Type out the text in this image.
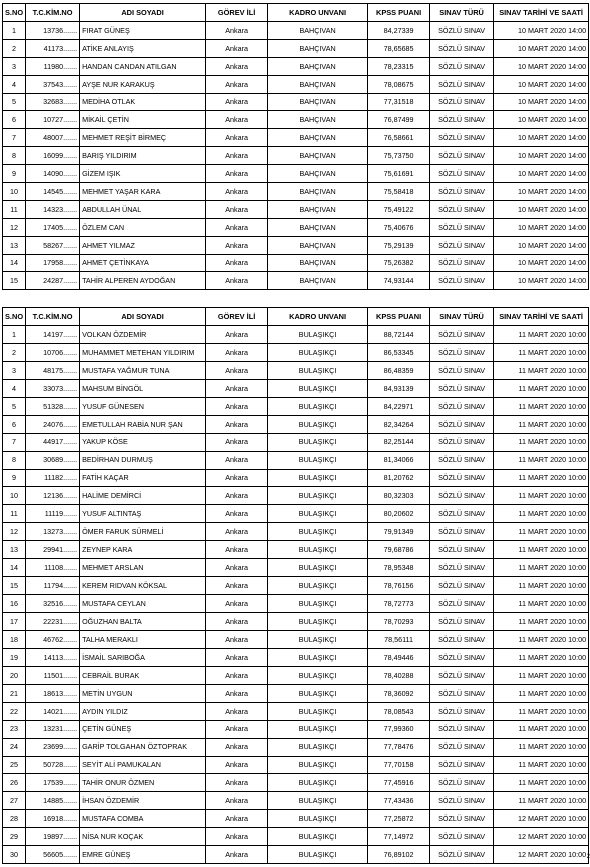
S.NO	T.C.KİM.NO	ADI SOYADI	GÖREV İLİ	KADRO UNVANI	KPSS PUANI	SINAV TÜRÜ	SINAV TARİHİ VE SAATİ
1	13736.......	FIRAT GÜNEŞ	Ankara	BAHÇIVAN	84,27339	SÖZLÜ SINAV	10 MART 2020 14:00
2	41173.......	ATİKE ANLAYIŞ	Ankara	BAHÇIVAN	78,65685	SÖZLÜ SINAV	10 MART 2020 14:00
3	11980.......	HANDAN CANDAN ATILGAN	Ankara	BAHÇIVAN	78,23315	SÖZLÜ SINAV	10 MART 2020 14:00
4	37543.......	AYŞE NUR KARAKUŞ	Ankara	BAHÇIVAN	78,08675	SÖZLÜ SINAV	10 MART 2020 14:00
5	32683.......	MEDİHA OTLAK	Ankara	BAHÇIVAN	77,31518	SÖZLÜ SINAV	10 MART 2020 14:00
6	10727.......	MİKAİL ÇETİN	Ankara	BAHÇIVAN	76,87499	SÖZLÜ SINAV	10 MART 2020 14:00
7	48007.......	MEHMET REŞİT BİRMEÇ	Ankara	BAHÇIVAN	76,58661	SÖZLÜ SINAV	10 MART 2020 14:00
8	16099.......	BARIŞ YILDIRIM	Ankara	BAHÇIVAN	75,73750	SÖZLÜ SINAV	10 MART 2020 14:00
9	14090.......	GİZEM IŞIK	Ankara	BAHÇIVAN	75,61691	SÖZLÜ SINAV	10 MART 2020 14:00
10	14545.......	MEHMET YAŞAR KARA	Ankara	BAHÇIVAN	75,58418	SÖZLÜ SINAV	10 MART 2020 14:00
11	14323.......	ABDULLAH ÜNAL	Ankara	BAHÇIVAN	75,49122	SÖZLÜ SINAV	10 MART 2020 14:00
12	17405.......	ÖZLEM CAN	Ankara	BAHÇIVAN	75,40676	SÖZLÜ SINAV	10 MART 2020 14:00
13	58267.......	AHMET YILMAZ	Ankara	BAHÇIVAN	75,29139	SÖZLÜ SINAV	10 MART 2020 14:00
14	17958.......	AHMET ÇETİNKAYA	Ankara	BAHÇIVAN	75,26382	SÖZLÜ SINAV	10 MART 2020 14:00
15	24287.......	TAHİR ALPEREN AYDOĞAN	Ankara	BAHÇIVAN	74,93144	SÖZLÜ SINAV	10 MART 2020 14:00
S.NO	T.C.KİM.NO	ADI SOYADI	GÖREV İLİ	KADRO UNVANI	KPSS PUANI	SINAV TÜRÜ	SINAV TARİHİ VE SAATİ
1	14197.......	VOLKAN ÖZDEMİR	Ankara	BULAŞIKÇI	88,72144	SÖZLÜ SINAV	11 MART 2020 10:00
2	10706.......	MUHAMMET METEHAN YILDIRIM	Ankara	BULAŞIKÇI	86,53345	SÖZLÜ SINAV	11 MART 2020 10:00
3	48175.......	MUSTAFA YAĞMUR TUNA	Ankara	BULAŞIKÇI	86,48359	SÖZLÜ SINAV	11 MART 2020 10:00
4	33073.......	MAHSUM BİNGÖL	Ankara	BULAŞIKÇI	84,93139	SÖZLÜ SINAV	11 MART 2020 10:00
5	51328.......	YUSUF GÜNESEN	Ankara	BULAŞIKÇI	84,22971	SÖZLÜ SINAV	11 MART 2020 10:00
6	24076.......	EMETULLAH RABİA NUR ŞAN	Ankara	BULAŞIKÇI	82,34264	SÖZLÜ SINAV	11 MART 2020 10:00
7	44917.......	YAKUP KÖSE	Ankara	BULAŞIKÇI	82,25144	SÖZLÜ SINAV	11 MART 2020 10:00
8	30689.......	BEDİRHAN DURMUŞ	Ankara	BULAŞIKÇI	81,34066	SÖZLÜ SINAV	11 MART 2020 10:00
9	11182.......	FATİH KAÇAR	Ankara	BULAŞIKÇI	81,20762	SÖZLÜ SINAV	11 MART 2020 10:00
10	12136.......	HALİME DEMİRCİ	Ankara	BULAŞIKÇI	80,32303	SÖZLÜ SINAV	11 MART 2020 10:00
11	11119.......	YUSUF ALTINTAŞ	Ankara	BULAŞIKÇI	80,20602	SÖZLÜ SINAV	11 MART 2020 10:00
12	13273.......	ÖMER FARUK SÜRMELİ	Ankara	BULAŞIKÇI	79,91349	SÖZLÜ SINAV	11 MART 2020 10:00
13	29941.......	ZEYNEP KARA	Ankara	BULAŞIKÇI	79,68786	SÖZLÜ SINAV	11 MART 2020 10:00
14	11108.......	MEHMET ARSLAN	Ankara	BULAŞIKÇI	78,95348	SÖZLÜ SINAV	11 MART 2020 10:00
15	11794.......	KEREM RIDVAN KÖKSAL	Ankara	BULAŞIKÇI	78,76156	SÖZLÜ SINAV	11 MART 2020 10:00
16	32516.......	MUSTAFA CEYLAN	Ankara	BULAŞIKÇI	78,72773	SÖZLÜ SINAV	11 MART 2020 10:00
17	22231.......	OĞUZHAN BALTA	Ankara	BULAŞIKÇI	78,70293	SÖZLÜ SINAV	11 MART 2020 10:00
18	46762.......	TALHA MERAKLI	Ankara	BULAŞIKÇI	78,56111	SÖZLÜ SINAV	11 MART 2020 10:00
19	14113.......	İSMAİL SARIBOĞA	Ankara	BULAŞIKÇI	78,49446	SÖZLÜ SINAV	11 MART 2020 10:00
20	11501.......	CEBRAİL BURAK	Ankara	BULAŞIKÇI	78,40288	SÖZLÜ SINAV	11 MART 2020 10:00
21	18613.......	METİN UYGUN	Ankara	BULAŞIKÇI	78,36092	SÖZLÜ SINAV	11 MART 2020 10:00
22	14021.......	AYDIN YILDIZ	Ankara	BULAŞIKÇI	78,08543	SÖZLÜ SINAV	11 MART 2020 10:00
23	13231.......	ÇETİN GÜNEŞ	Ankara	BULAŞIKÇI	77,99360	SÖZLÜ SINAV	11 MART 2020 10:00
24	23699.......	GARİP TOLGAHAN ÖZTOPRAK	Ankara	BULAŞIKÇI	77,78476	SÖZLÜ SINAV	11 MART 2020 10:00
25	50728.......	SEYİT ALİ PAMUKALAN	Ankara	BULAŞIKÇI	77,70158	SÖZLÜ SINAV	11 MART 2020 10:00
26	17539.......	TAHİR ONUR ÖZMEN	Ankara	BULAŞIKÇI	77,45916	SÖZLÜ SINAV	11 MART 2020 10:00
27	14885.......	İHSAN ÖZDEMİR	Ankara	BULAŞIKÇI	77,43436	SÖZLÜ SINAV	11 MART 2020 10:00
28	16918.......	MUSTAFA COMBA	Ankara	BULAŞIKÇI	77,25872	SÖZLÜ SINAV	12 MART 2020 10:00
29	19897.......	NİSA NUR KOÇAK	Ankara	BULAŞIKÇI	77,14972	SÖZLÜ SINAV	12 MART 2020 10:00
30	56605.......	EMRE GÜNEŞ	Ankara	BULAŞIKÇI	76,89102	SÖZLÜ SINAV	12 MART 2020 10:00 2
